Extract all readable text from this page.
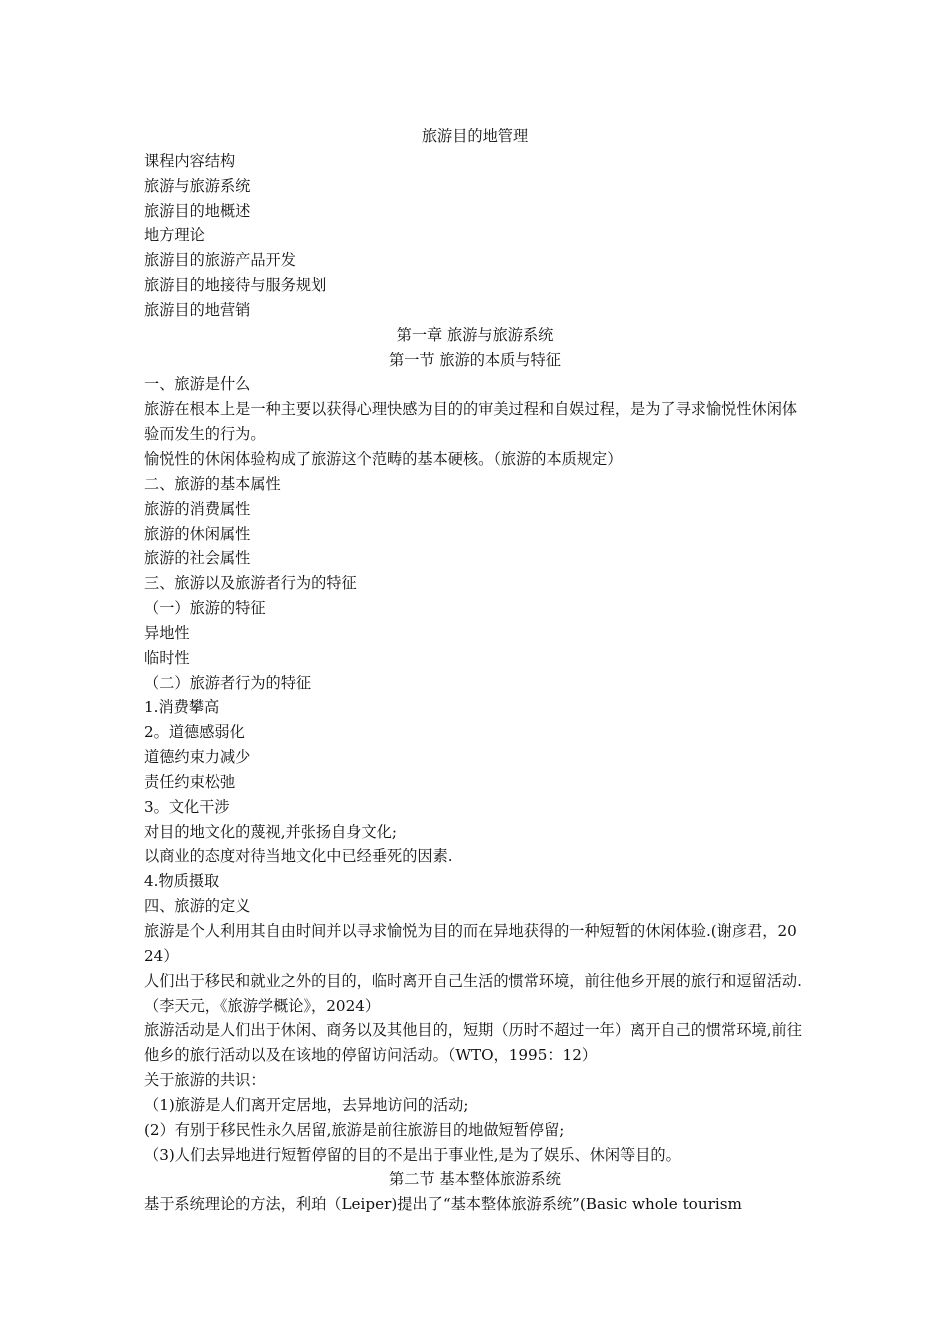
旅游目的地管理

课程内容结构

旅游与旅游系统

旅游目的地概述

地方理论

旅游目的旅游产品开发

旅游目的地接待与服务规划

旅游目的地营销

第一章 旅游与旅游系统

第一节 旅游的本质与特征

一、旅游是什么

旅游在根本上是一种主要以获得心理快感为目的的审美过程和自娱过程，是为了寻求愉悦性休闲体验而发生的行为。

愉悦性的休闲体验构成了旅游这个范畴的基本硬核。（旅游的本质规定）

二、旅游的基本属性

旅游的消费属性

旅游的休闲属性

旅游的社会属性

三、旅游以及旅游者行为的特征

（一）旅游的特征

异地性

临时性

（二）旅游者行为的特征

1.消费攀高

2。道德感弱化

道德约束力减少

责任约束松弛

3。文化干涉

对目的地文化的蔑视,并张扬自身文化;

以商业的态度对待当地文化中已经垂死的因素.

4.物质摄取

四、旅游的定义

旅游是个人利用其自由时间并以寻求愉悦为目的而在异地获得的一种短暂的休闲体验.(谢彦君，2024）

人们出于移民和就业之外的目的，临时离开自己生活的惯常环境，前往他乡开展的旅行和逗留活动.（李天元，《旅游学概论》，2024）

旅游活动是人们出于休闲、商务以及其他目的，短期（历时不超过一年）离开自己的惯常环境,前往他乡的旅行活动以及在该地的停留访问活动。（WTO，1995：12）

关于旅游的共识：

（1)旅游是人们离开定居地，去异地访问的活动;

(2）有别于移民性永久居留,旅游是前往旅游目的地做短暂停留;

（3)人们去异地进行短暂停留的目的不是出于事业性,是为了娱乐、休闲等目的。

第二节 基本整体旅游系统

基于系统理论的方法，利珀（Leiper)提出了“基本整体旅游系统”(Basic whole tourism
